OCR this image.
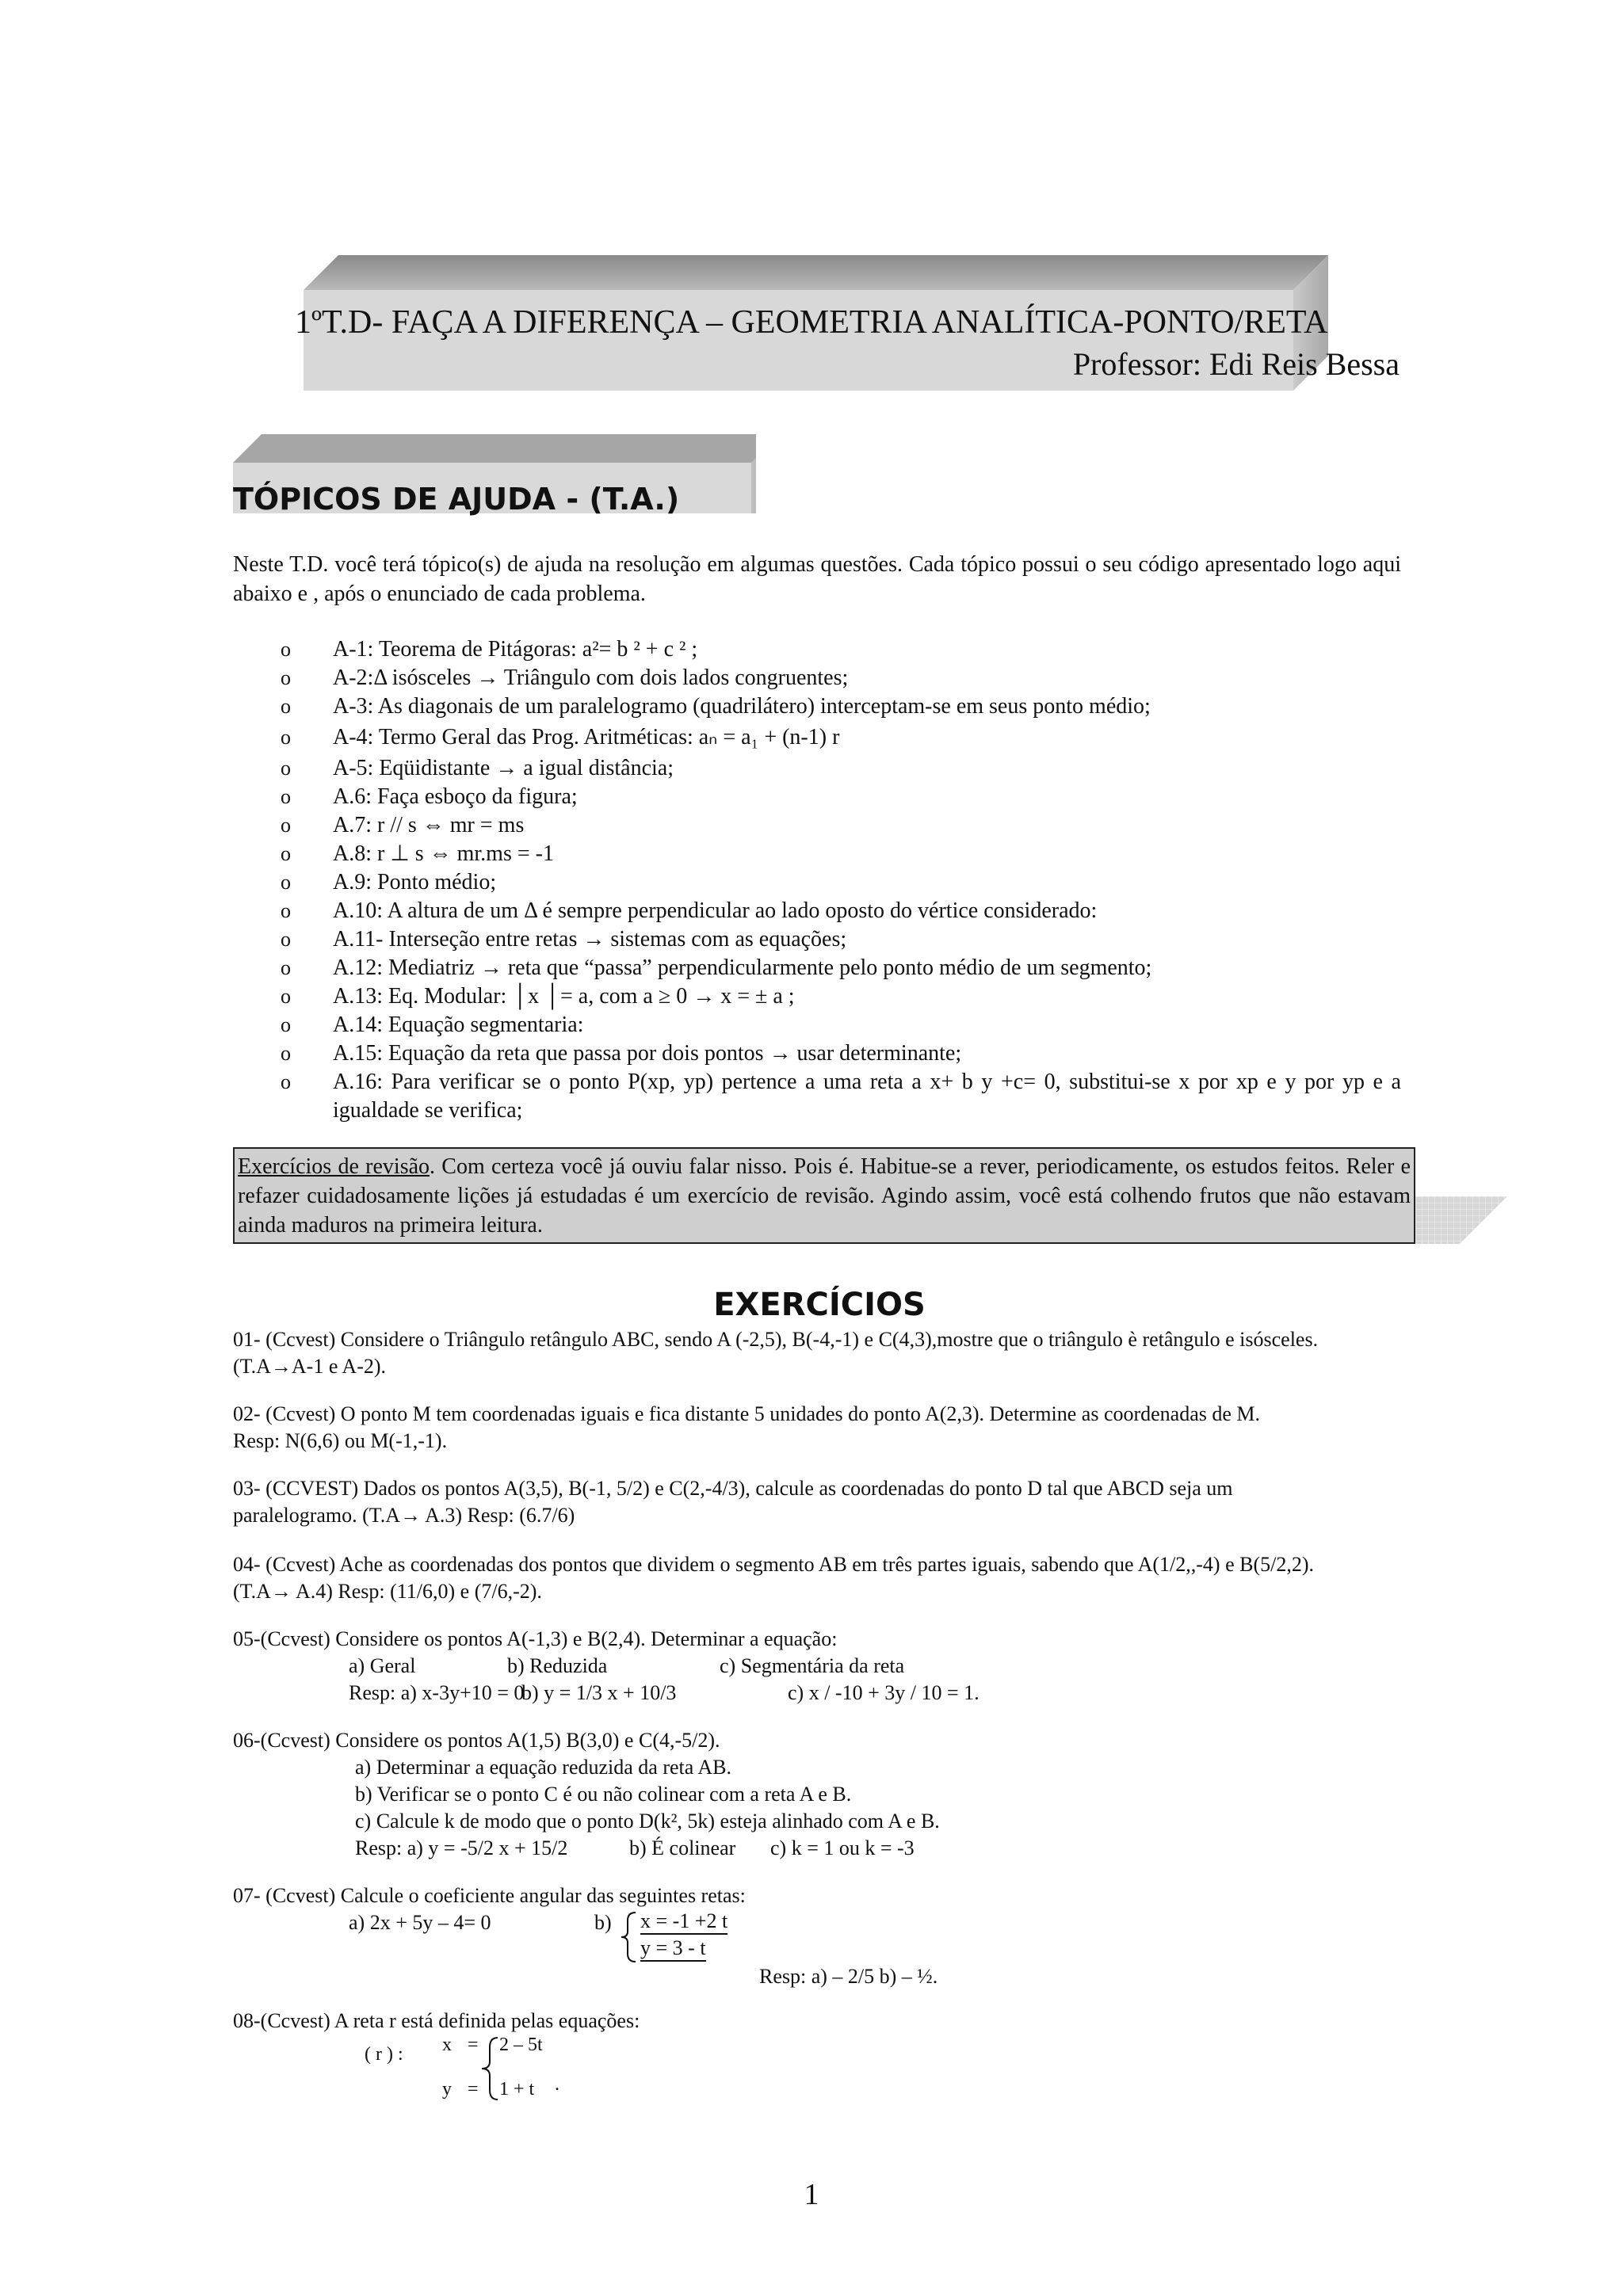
1ºT.D- FAÇA A DIFERENÇA – GEOMETRIA ANALÍTICA-PONTO/RETA
Professor: Edi Reis Bessa
TÓPICOS DE AJUDA - (T.A.)
Neste T.D. você terá tópico(s) de ajuda na resolução em algumas questões. Cada tópico possui o seu código apresentado logo aqui abaixo e , após o enunciado de cada problema.
o A-1: Teorema de Pitágoras: a²= b ² + c ² ;
o A-2:Δ isósceles → Triângulo com dois lados congruentes;
o A-3: As diagonais de um paralelogramo (quadrilátero) interceptam-se em seus ponto médio;
o A-4: Termo Geral das Prog. Aritméticas: aₙ = a₁ + (n-1) r
o A-5: Eqüidistante → a igual distância;
o A.6: Faça esboço da figura;
o A.7: r // s ⇔ mr = ms
o A.8: r ⊥ s ⇔ mr.ms = -1
o A.9: Ponto médio;
o A.10: A altura de um Δ é sempre perpendicular ao lado oposto do vértice considerado:
o A.11- Interseção entre retas → sistemas com as equações;
o A.12: Mediatriz → reta que “passa” perpendicularmente pelo ponto médio de um segmento;
o A.13: Eq. Modular: │x │= a, com a ≥ 0 → x = ± a ;
o A.14: Equação segmentaria:
o A.15: Equação da reta que passa por dois pontos → usar determinante;
o A.16: Para verificar se o ponto P(xp, yp) pertence a uma reta a x+ b y +c= 0, substitui-se x por xp e y por yp e a igualdade se verifica;
Exercícios de revisão. Com certeza você já ouviu falar nisso. Pois é. Habitue-se a rever, periodicamente, os estudos feitos. Reler e refazer cuidadosamente lições já estudadas é um exercício de revisão. Agindo assim, você está colhendo frutos que não estavam ainda maduros na primeira leitura.
EXERCÍCIOS
01- (Ccvest) Considere o Triângulo retângulo ABC, sendo A (-2,5), B(-4,-1) e C(4,3),mostre que o triângulo è retângulo e isósceles.
(T.A→A-1 e A-2).
02- (Ccvest) O ponto M tem coordenadas iguais e fica distante 5 unidades do ponto A(2,3). Determine as coordenadas de M.
Resp: N(6,6) ou M(-1,-1).
03- (CCVEST) Dados os pontos A(3,5), B(-1, 5/2) e C(2,-4/3), calcule as coordenadas do ponto D tal que ABCD seja um
paralelogramo. (T.A→ A.3) Resp: (6.7/6)
04- (Ccvest) Ache as coordenadas dos pontos que dividem o segmento AB em três partes iguais, sabendo que A(1/2,,-4) e B(5/2,2).
(T.A→ A.4) Resp: (11/6,0) e (7/6,-2).
05-(Ccvest) Considere os pontos A(-1,3) e B(2,4). Determinar a equação:
a) Geral	b) Reduzida	c) Segmentária da reta
Resp: a) x-3y+10 = 0
b) y = 1/3 x + 10/3	c) x / -10 + 3y / 10 = 1.
06-(Ccvest) Considere os pontos A(1,5) B(3,0) e C(4,-5/2).
a) Determinar a equação reduzida da reta AB.
b) Verificar se o ponto C é ou não colinear com a reta A e B.
c) Calcule k de modo que o ponto D(k², 5k) esteja alinhado com A e B.
Resp: a) y = -5/2 x + 15/2	b) É colinear c) k = 1 ou k = -3
07- (Ccvest) Calcule o coeficiente angular das seguintes retas:
a) 2x + 5y – 4= 0	b) x = -1 +2 t
y = 3 - t
Resp: a) – 2/5 b) – ½.
08-(Ccvest) A reta r está definida pelas equações:
( r ) : x = 2 – 5t
y = 1 + t .
1
